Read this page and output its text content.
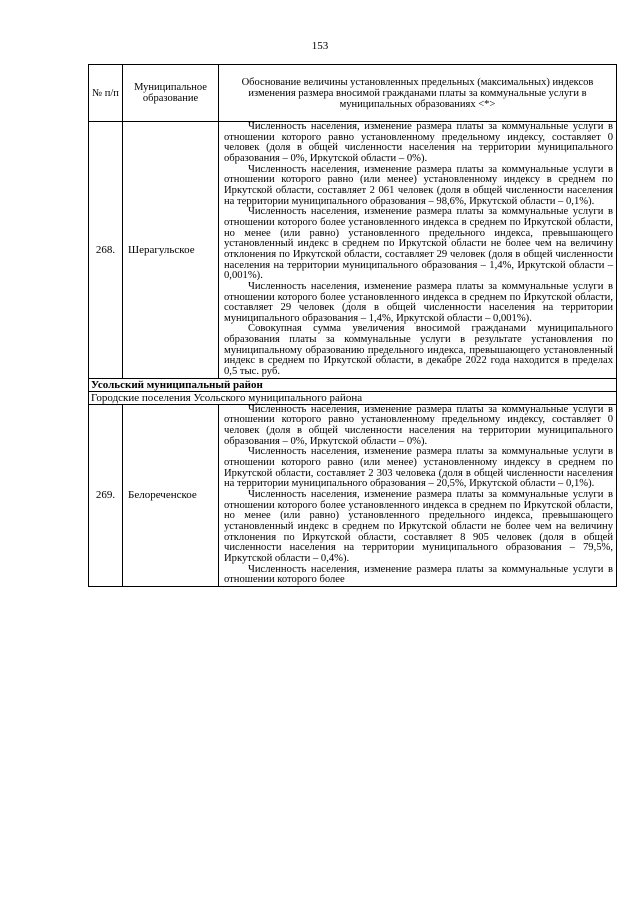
153
№ п/п	Муниципальное образование	Обоснование величины установленных предельных (максимальных) индексов изменения размера вносимой гражданами платы за коммунальные услуги в муниципальных образованиях <*>
268.	Шерагульское	Численность населения, изменение размера платы за коммунальные услуги в отношении которого равно установленному предельному индексу, составляет 0 человек (доля в общей численности населения на территории муниципального образования – 0%, Иркутской области – 0%).

Численность населения, изменение размера платы за коммунальные услуги в отношении которого равно (или менее) установленному индексу в среднем по Иркутской области, составляет 2 061 человек (доля в общей численности населения на территории муниципального образования – 98,6%, Иркутской области – 0,1%).

Численность населения, изменение размера платы за коммунальные услуги в отношении которого более установленного индекса в среднем по Иркутской области, но менее (или равно) установленного предельного индекса, превышающего установленный индекс в среднем по Иркутской области не более чем на величину отклонения по Иркутской области, составляет 29 человек (доля в общей численности населения на территории муниципального образования – 1,4%, Иркутской области – 0,001%).

Численность населения, изменение размера платы за коммунальные услуги в отношении которого более установленного индекса в среднем по Иркутской области, составляет 29 человек (доля в общей численности населения на территории муниципального образования – 1,4%, Иркутской области – 0,001%).

Совокупная сумма увеличения вносимой гражданами муниципального образования платы за коммунальные услуги в результате установления по муниципальному образованию предельного индекса, превышающего установленный индекс в среднем по Иркутской области, в декабре 2022 года находится в пределах 0,5 тыс. руб.

Усольский муниципальный район		
Городские поселения Усольского муниципального района		
269.	Белореченское	Численность населения, изменение размера платы за коммунальные услуги в отношении которого равно установленному предельному индексу, составляет 0 человек (доля в общей численности населения на территории муниципального образования – 0%, Иркутской области – 0%).

Численность населения, изменение размера платы за коммунальные услуги в отношении которого равно (или менее) установленному индексу в среднем по Иркутской области, составляет 2 303 человека (доля в общей численности населения на территории муниципального образования – 20,5%, Иркутской области – 0,1%).

Численность населения, изменение размера платы за коммунальные услуги в отношении которого более установленного индекса в среднем по Иркутской области, но менее (или равно) установленного предельного индекса, превышающего установленный индекс в среднем по Иркутской области не более чем на величину отклонения по Иркутской области, составляет 8 905 человек (доля в общей численности населения на территории муниципального образования – 79,5%, Иркутской области – 0,4%).

Численность населения, изменение размера платы за коммунальные услуги в отношении которого более
